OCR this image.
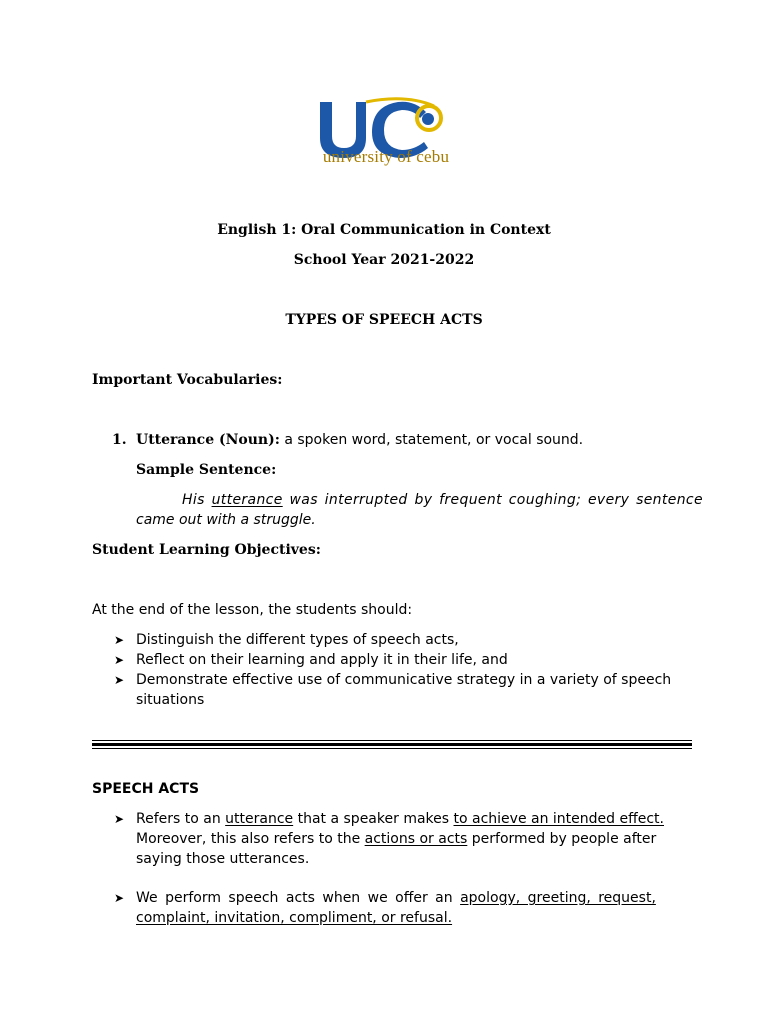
university of cebu
English 1: Oral Communication in Context
School Year 2021-2022
TYPES OF SPEECH ACTS
Important Vocabularies:
1. Utterance (Noun): a spoken word, statement, or vocal sound.
Sample Sentence:
His utterance was interrupted by frequent coughing; every sentence
came out with a struggle.
Student Learning Objectives:
At the end of the lesson, the students should:
➤ Distinguish the different types of speech acts,
➤ Reflect on their learning and apply it in their life, and
➤ Demonstrate effective use of communicative strategy in a variety of speech
situations
SPEECH ACTS
➤ Refers to an utterance that a speaker makes to achieve an intended effect.
Moreover, this also refers to the actions or acts performed by people after
saying those utterances.
➤ We perform speech acts when we offer an apology, greeting, request,
complaint, invitation, compliment, or refusal.
